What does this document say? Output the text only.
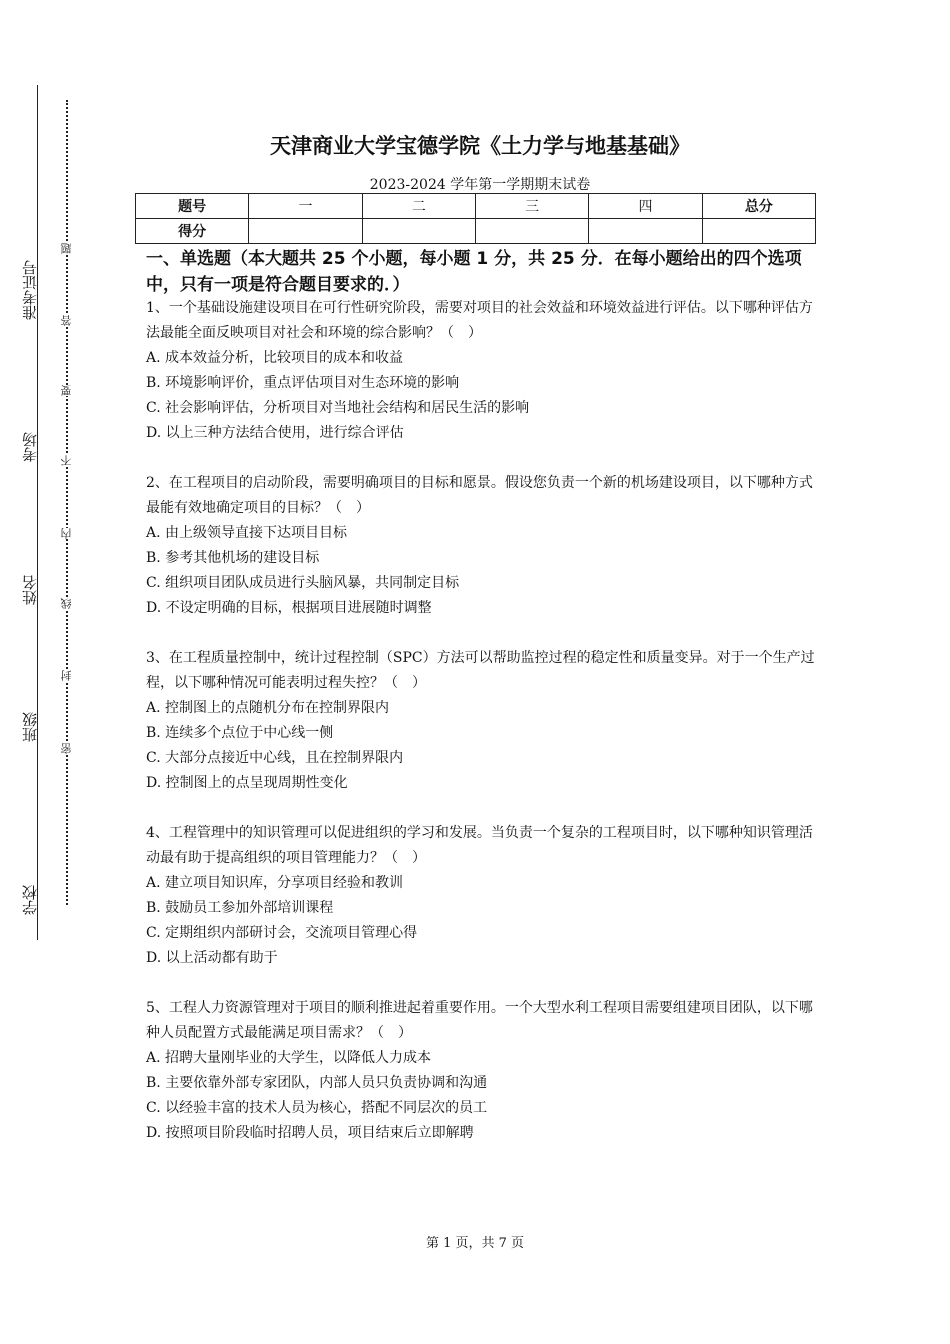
学校
班级
姓名
考场
准考证号
题
答
要
不
内
线
封
密
天津商业大学宝德学院《土力学与地基基础》
2023-2024 学年第一学期期末试卷
题号	一	二	三	四	总分
得分					
一、单选题（本大题共 25 个小题，每小题 1 分，共 25 分．在每小题给出的四个选项中，只有一项是符合题目要求的．）
1、一个基础设施建设项目在可行性研究阶段，需要对项目的社会效益和环境效益进行评估。以下哪种评估方法最能全面反映项目对社会和环境的综合影响？（　）
A. 成本效益分析，比较项目的成本和收益
B. 环境影响评价，重点评估项目对生态环境的影响
C. 社会影响评估，分析项目对当地社会结构和居民生活的影响
D. 以上三种方法结合使用，进行综合评估
2、在工程项目的启动阶段，需要明确项目的目标和愿景。假设您负责一个新的机场建设项目，以下哪种方式最能有效地确定项目的目标？（　）
A. 由上级领导直接下达项目目标
B. 参考其他机场的建设目标
C. 组织项目团队成员进行头脑风暴，共同制定目标
D. 不设定明确的目标，根据项目进展随时调整
3、在工程质量控制中，统计过程控制（SPC）方法可以帮助监控过程的稳定性和质量变异。对于一个生产过程，以下哪种情况可能表明过程失控？（　）
A. 控制图上的点随机分布在控制界限内
B. 连续多个点位于中心线一侧
C. 大部分点接近中心线，且在控制界限内
D. 控制图上的点呈现周期性变化
4、工程管理中的知识管理可以促进组织的学习和发展。当负责一个复杂的工程项目时，以下哪种知识管理活动最有助于提高组织的项目管理能力？（　）
A. 建立项目知识库，分享项目经验和教训
B. 鼓励员工参加外部培训课程
C. 定期组织内部研讨会，交流项目管理心得
D. 以上活动都有助于
5、工程人力资源管理对于项目的顺利推进起着重要作用。一个大型水利工程项目需要组建项目团队，以下哪种人员配置方式最能满足项目需求？（　）
A. 招聘大量刚毕业的大学生，以降低人力成本
B. 主要依靠外部专家团队，内部人员只负责协调和沟通
C. 以经验丰富的技术人员为核心，搭配不同层次的员工
D. 按照项目阶段临时招聘人员，项目结束后立即解聘
第 1 页，共 7 页
